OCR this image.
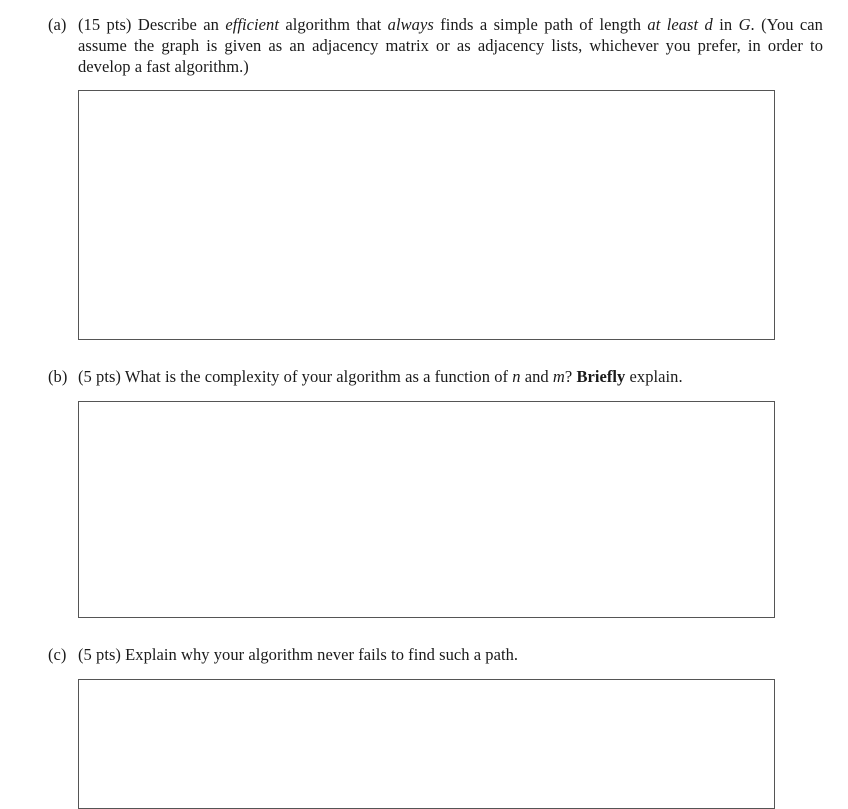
(a) (15 pts) Describe an efficient algorithm that always finds a simple path of length at least d in G. (You can assume the graph is given as an adjacency matrix or as adjacency lists, whichever you prefer, in order to develop a fast algorithm.)
(b) (5 pts) What is the complexity of your algorithm as a function of n and m? Briefly explain.
(c) (5 pts) Explain why your algorithm never fails to find such a path.
